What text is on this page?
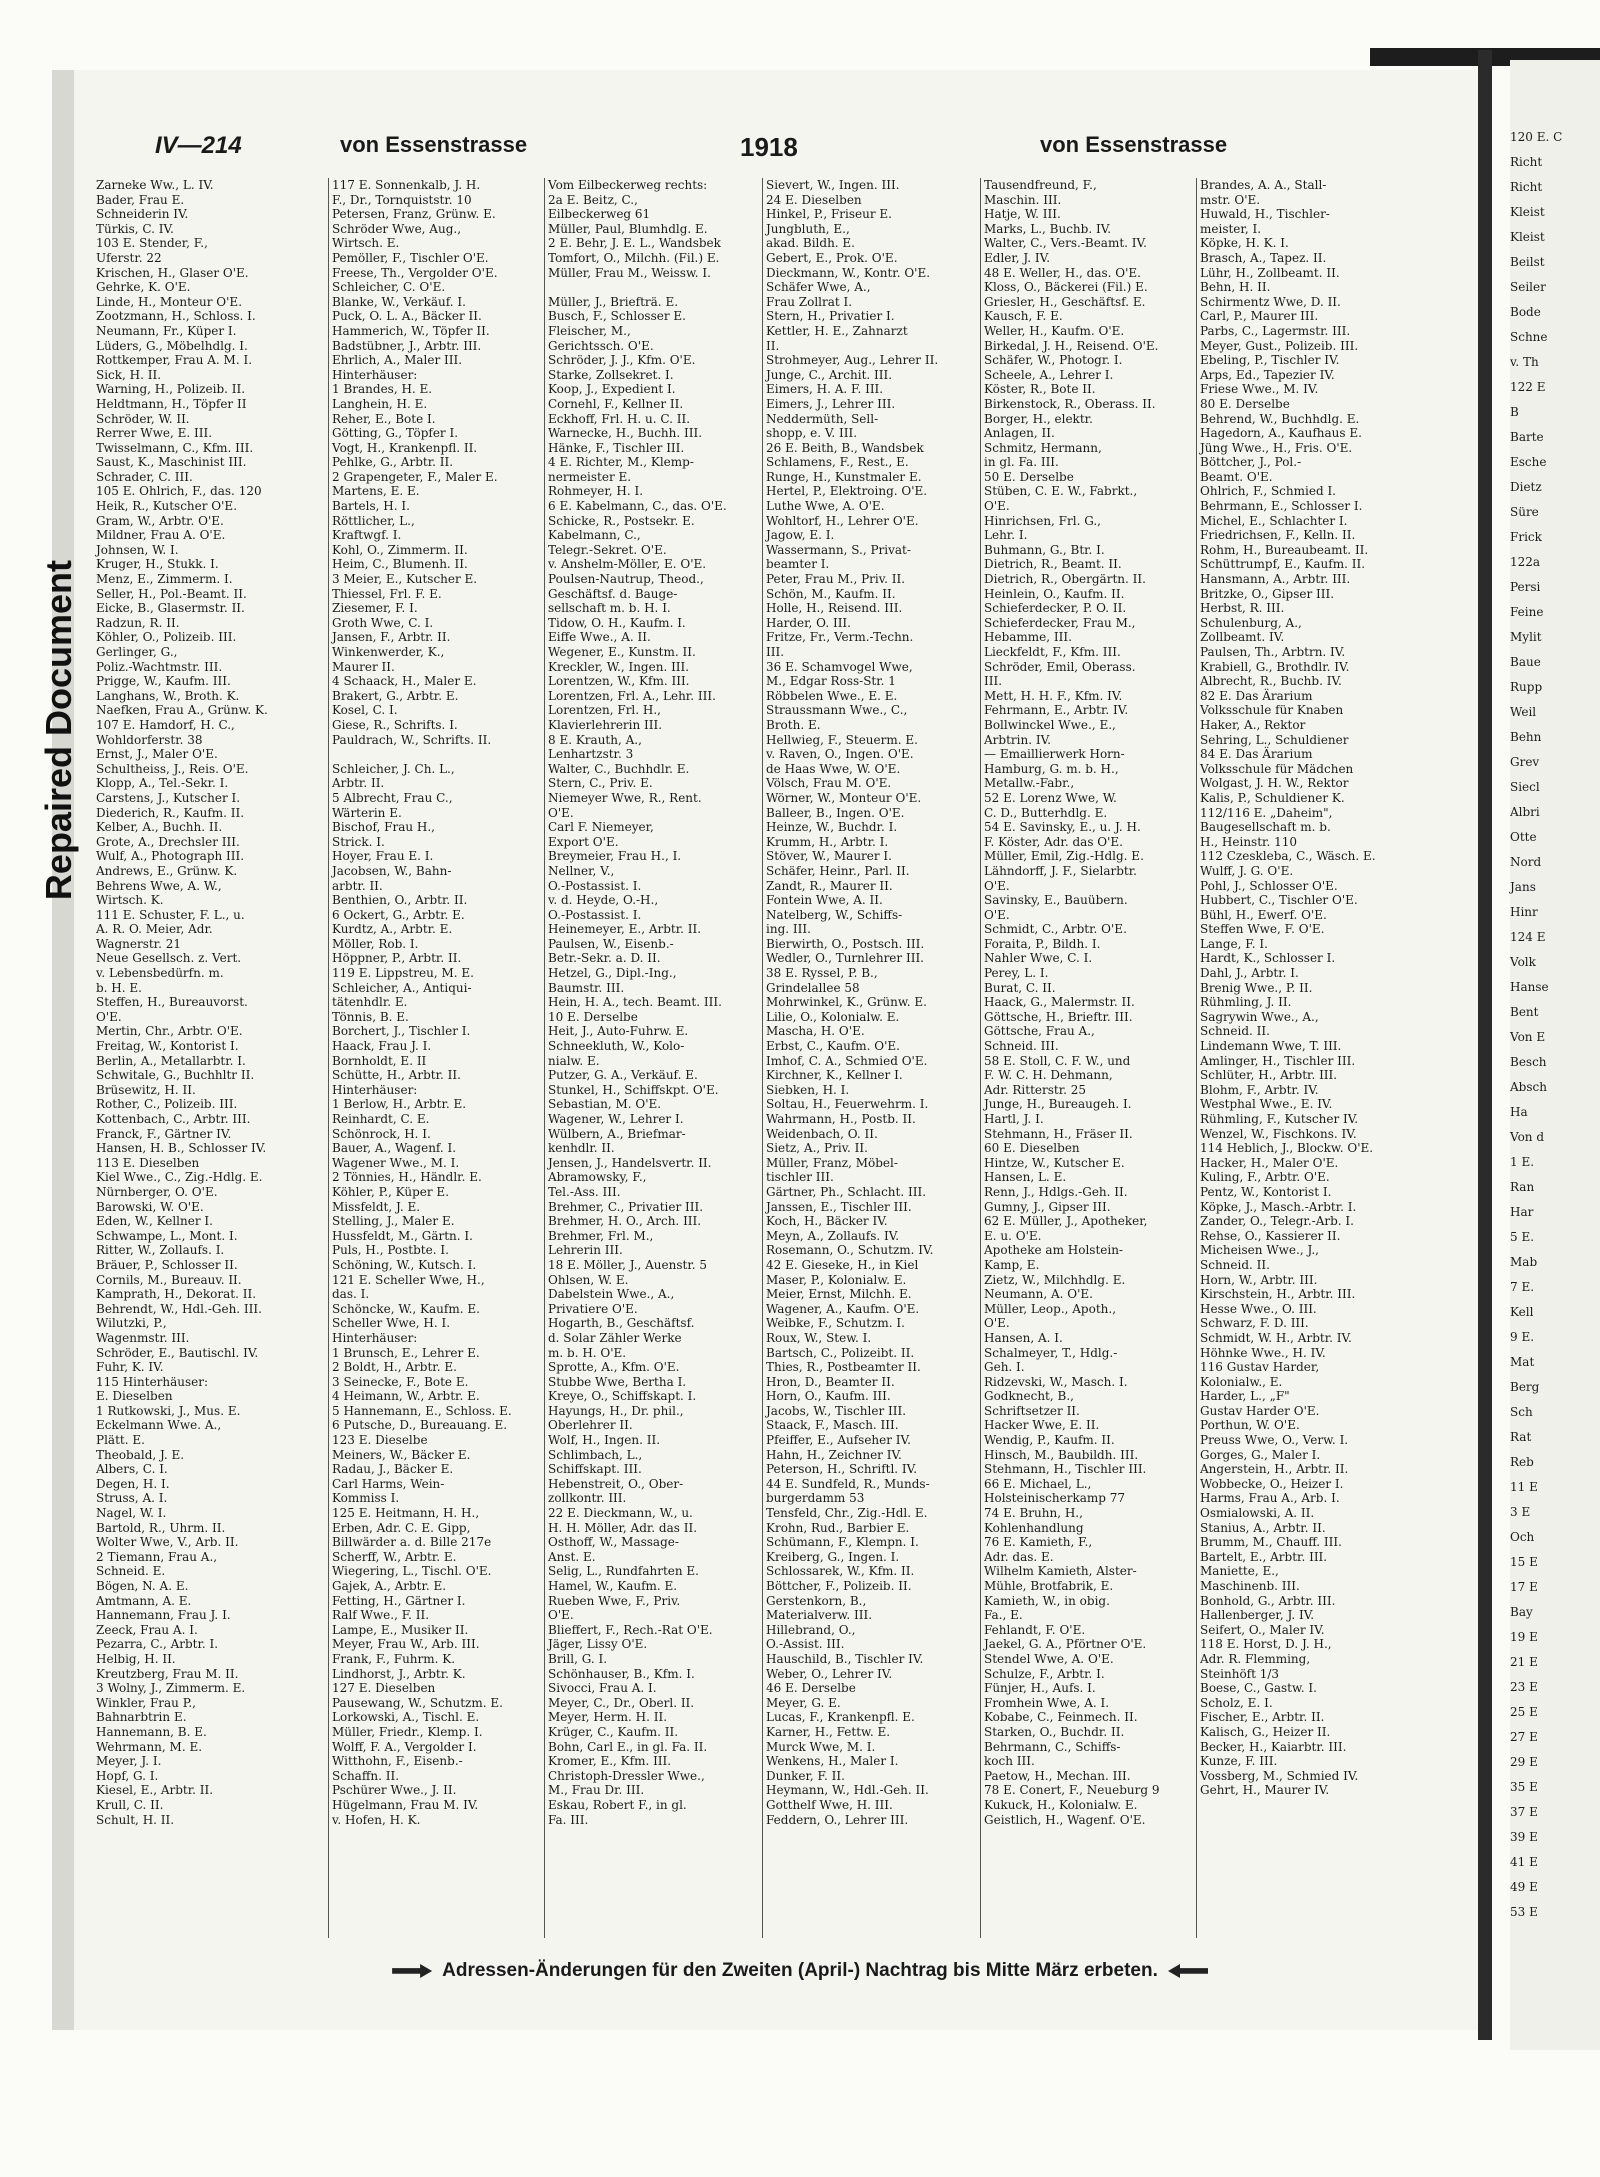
120 E. C
Richt
Richt
Kleist
Kleist
Beilst
Seiler
Bode
Schne
v. Th
122 E
B
Barte
Esche
Dietz
Süre
Frick
122a
Persi
Feine
Mylit
Baue
Rupp
Weil
Behn
Grev
Siecl
Albri
Otte
Nord
Jans
Hinr
124 E
Volk
Hanse
Bent
Von E
Besch
Absch
Ha
Von d
1 E.
Ran
Har
5 E.
Mab
7 E.
Kell
9 E.
Mat
Berg
Sch
Rat
Reb
11 E
3 E
Och
15 E
17 E
Bay
19 E
21 E
23 E
25 E
27 E
29 E
35 E
37 E
39 E
41 E
49 E
53 E
Repaired Document
IV—214	von Essenstrasse	1918	von Essenstrasse
Zarneke Ww., L. IV.
Bader, Frau E.
Schneiderin IV.
Türkis, C. IV.
103 E. Stender, F.,
Uferstr. 22
Krischen, H., Glaser O'E.
Gehrke, K. O'E.
Linde, H., Monteur O'E.
Zootzmann, H., Schloss. I.
Neumann, Fr., Küper I.
Lüders, G., Möbelhdlg. I.
Rottkemper, Frau A. M. I.
Sick, H. II.
Warning, H., Polizeib. II.
Heldtmann, H., Töpfer II
Schröder, W. II.
Rerrer Wwe, E. III.
Twisselmann, C., Kfm. III.
Saust, K., Maschinist III.
Schrader, C. III.
105 E. Ohlrich, F., das. 120
Heik, R., Kutscher O'E.
Gram, W., Arbtr. O'E.
Mildner, Frau A. O'E.
Johnsen, W. I.
Kruger, H., Stukk. I.
Menz, E., Zimmerm. I.
Seller, H., Pol.-Beamt. II.
Eicke, B., Glasermstr. II.
Radzun, R. II.
Köhler, O., Polizeib. III.
Gerlinger, G.,
Poliz.-Wachtmstr. III.
Prigge, W., Kaufm. III.
Langhans, W., Broth. K.
Naefken, Frau A., Grünw. K.
107 E. Hamdorf, H. C.,
Wohldorferstr. 38
Ernst, J., Maler O'E.
Schultheiss, J., Reis. O'E.
Klopp, A., Tel.-Sekr. I.
Carstens, J., Kutscher I.
Diederich, R., Kaufm. II.
Kelber, A., Buchh. II.
Grote, A., Drechsler III.
Wulf, A., Photograph III.
Andrews, E., Grünw. K.
Behrens Wwe, A. W.,
Wirtsch. K.
111 E. Schuster, F. L., u.
A. R. O. Meier, Adr.
Wagnerstr. 21
Neue Gesellsch. z. Vert.
v. Lebensbedürfn. m.
b. H. E.
Steffen, H., Bureauvorst.
O'E.
Mertin, Chr., Arbtr. O'E.
Freitag, W., Kontorist I.
Berlin, A., Metallarbtr. I.
Schwitale, G., Buchhltr II.
Brüsewitz, H. II.
Rother, C., Polizeib. III.
Kottenbach, C., Arbtr. III.
Franck, F., Gärtner IV.
Hansen, H. B., Schlosser IV.
113 E. Dieselben
Kiel Wwe., C., Zig.-Hdlg. E.
Nürnberger, O. O'E.
Barowski, W. O'E.
Eden, W., Kellner I.
Schwampe, L., Mont. I.
Ritter, W., Zollaufs. I.
Bräuer, P., Schlosser II.
Cornils, M., Bureauv. II.
Kamprath, H., Dekorat. II.
Behrendt, W., Hdl.-Geh. III.
Wilutzki, P.,
Wagenmstr. III.
Schröder, E., Bautischl. IV.
Fuhr, K. IV.
115 Hinterhäuser:
E. Dieselben
1 Rutkowski, J., Mus. E.
Eckelmann Wwe. A.,
Plätt. E.
Theobald, J. E.
Albers, C. I.
Degen, H. I.
Struss, A. I.
Nagel, W. I.
Bartold, R., Uhrm. II.
Wolter Wwe, V., Arb. II.
2 Tiemann, Frau A.,
Schneid. E.
Bögen, N. A. E.
Amtmann, A. E.
Hannemann, Frau J. I.
Zeeck, Frau A. I.
Pezarra, C., Arbtr. I.
Helbig, H. II.
Kreutzberg, Frau M. II.
3 Wolny, J., Zimmerm. E.
Winkler, Frau P.,
Bahnarbtrin E.
Hannemann, B. E.
Wehrmann, M. E.
Meyer, J. I.
Hopf, G. I.
Kiesel, E., Arbtr. II.
Krull, C. II.
Schult, H. II.
117 E. Sonnenkalb, J. H.
F., Dr., Tornquiststr. 10
Petersen, Franz, Grünw. E.
Schröder Wwe, Aug.,
Wirtsch. E.
Pemöller, F., Tischler O'E.
Freese, Th., Vergolder O'E.
Schleicher, C. O'E.
Blanke, W., Verkäuf. I.
Puck, O. L. A., Bäcker II.
Hammerich, W., Töpfer II.
Badstübner, J., Arbtr. III.
Ehrlich, A., Maler III.
Hinterhäuser:
1 Brandes, H. E.
Langhein, H. E.
Reher, E., Bote I.
Götting, G., Töpfer I.
Vogt, H., Krankenpfl. II.
Pehlke, G., Arbtr. II.
2 Grapengeter, F., Maler E.
Martens, E. E.
Bartels, H. I.
Röttlicher, L.,
Kraftwgf. I.
Kohl, O., Zimmerm. II.
Heim, C., Blumenh. II.
3 Meier, E., Kutscher E.
Thiessel, Frl. F. E.
Ziesemer, F. I.
Groth Wwe, C. I.
Jansen, F., Arbtr. II.
Winkenwerder, K.,
Maurer II.
4 Schaack, H., Maler E.
Brakert, G., Arbtr. E.
Kosel, C. I.
Giese, R., Schrifts. I.
Pauldrach, W., Schrifts. II.

Schleicher, J. Ch. L.,
Arbtr. II.
5 Albrecht, Frau C.,
Wärterin E.
Bischof, Frau H.,
Strick. I.
Hoyer, Frau E. I.
Jacobsen, W., Bahn-
arbtr. II.
Benthien, O., Arbtr. II.
6 Ockert, G., Arbtr. E.
Kurdtz, A., Arbtr. E.
Möller, Rob. I.
Höppner, P., Arbtr. II.
119 E. Lippstreu, M. E.
Schleicher, A., Antiqui-
tätenhdlr. E.
Tönnis, B. E.
Borchert, J., Tischler I.
Haack, Frau J. I.
Bornholdt, E. II
Schütte, H., Arbtr. II.
Hinterhäuser:
1 Berlow, H., Arbtr. E.
Reinhardt, C. E.
Schönrock, H. I.
Bauer, A., Wagenf. I.
Wagener Wwe., M. I.
2 Tönnies, H., Händlr. E.
Köhler, P., Küper E.
Missfeldt, J. E.
Stelling, J., Maler E.
Hussfeldt, M., Gärtn. I.
Puls, H., Postbte. I.
Schöning, W., Kutsch. I.
121 E. Scheller Wwe, H.,
das. I.
Schöncke, W., Kaufm. E.
Scheller Wwe, H. I.
Hinterhäuser:
1 Brunsch, E., Lehrer E.
2 Boldt, H., Arbtr. E.
3 Seinecke, F., Bote E.
4 Heimann, W., Arbtr. E.
5 Hannemann, E., Schloss. E.
6 Putsche, D., Bureauang. E.
123 E. Dieselbe
Meiners, W., Bäcker E.
Radau, J., Bäcker E.
Carl Harms, Wein-
Kommiss I.
125 E. Heitmann, H. H.,
Erben, Adr. C. E. Gipp,
Billwärder a. d. Bille 217e
Scherff, W., Arbtr. E.
Wiegering, L., Tischl. O'E.
Gajek, A., Arbtr. E.
Fetting, H., Gärtner I.
Ralf Wwe., F. II.
Lampe, E., Musiker II.
Meyer, Frau W., Arb. III.
Frank, F., Fuhrm. K.
Lindhorst, J., Arbtr. K.
127 E. Dieselben
Pausewang, W., Schutzm. E.
Lorkowski, A., Tischl. E.
Müller, Friedr., Klemp. I.
Wolff, F. A., Vergolder I.
Witthohn, F., Eisenb.-
Schaffn. II.
Pschürer Wwe., J. II.
Hügelmann, Frau M. IV.
v. Hofen, H. K.
Vom Eilbeckerweg rechts:
2a E. Beitz, C.,
Eilbeckerweg 61
Müller, Paul, Blumhdlg. E.
2 E. Behr, J. E. L., Wandsbek
Tomfort, O., Milchh. (Fil.) E.
Müller, Frau M., Weissw. I.

Müller, J., Briefträ. E.
Busch, F., Schlosser E.
Fleischer, M.,
Gerichtssch. O'E.
Schröder, J. J., Kfm. O'E.
Starke, Zollsekret. I.
Koop, J., Expedient I.
Cornehl, F., Kellner II.
Eckhoff, Frl. H. u. C. II.
Warnecke, H., Buchh. III.
Hänke, F., Tischler III.
4 E. Richter, M., Klemp-
nermeister E.
Rohmeyer, H. I.
6 E. Kabelmann, C., das. O'E.
Schicke, R., Postsekr. E.
Kabelmann, C.,
Telegr.-Sekret. O'E.
v. Anshelm-Möller, E. O'E.
Poulsen-Nautrup, Theod.,
Geschäftsf. d. Bauge-
sellschaft m. b. H. I.
Tidow, O. H., Kaufm. I.
Eiffe Wwe., A. II.
Wegener, E., Kunstm. II.
Kreckler, W., Ingen. III.
Lorentzen, W., Kfm. III.
Lorentzen, Frl. A., Lehr. III.
Lorentzen, Frl. H.,
Klavierlehrerin III.
8 E. Krauth, A.,
Lenhartzstr. 3
Walter, C., Buchhdlr. E.
Stern, C., Priv. E.
Niemeyer Wwe, R., Rent.
O'E.
Carl F. Niemeyer,
Export O'E.
Breymeier, Frau H., I.
Nellner, V.,
O.-Postassist. I.
v. d. Heyde, O.-H.,
O.-Postassist. I.
Heinemeyer, E., Arbtr. II.
Paulsen, W., Eisenb.-
Betr.-Sekr. a. D. II.
Hetzel, G., Dipl.-Ing.,
Baumstr. III.
Hein, H. A., tech. Beamt. III.
10 E. Derselbe
Heit, J., Auto-Fuhrw. E.
Schneekluth, W., Kolo-
nialw. E.
Putzer, G. A., Verkäuf. E.
Stunkel, H., Schiffskpt. O'E.
Sebastian, M. O'E.
Wagener, W., Lehrer I.
Wülbern, A., Briefmar-
kenhdlr. II.
Jensen, J., Handelsvertr. II.
Abramowsky, F.,
Tel.-Ass. III.
Brehmer, C., Privatier III.
Brehmer, H. O., Arch. III.
Brehmer, Frl. M.,
Lehrerin III.
18 E. Möller, J., Auenstr. 5
Ohlsen, W. E.
Dabelstein Wwe., A.,
Privatiere O'E.
Hogarth, B., Geschäftsf.
d. Solar Zähler Werke
m. b. H. O'E.
Sprotte, A., Kfm. O'E.
Stubbe Wwe, Bertha I.
Kreye, O., Schiffskapt. I.
Hayungs, H., Dr. phil.,
Oberlehrer II.
Wolf, H., Ingen. II.
Schlimbach, L.,
Schiffskapt. III.
Hebenstreit, O., Ober-
zollkontr. III.
22 E. Dieckmann, W., u.
H. H. Möller, Adr. das II.
Osthoff, W., Massage-
Anst. E.
Selig, L., Rundfahrten E.
Hamel, W., Kaufm. E.
Rueben Wwe, F., Priv.
O'E.
Blieffert, F., Rech.-Rat O'E.
Jäger, Lissy O'E.
Brill, G. I.
Schönhauser, B., Kfm. I.
Sivocci, Frau A. I.
Meyer, C., Dr., Oberl. II.
Meyer, Herm. H. II.
Krüger, C., Kaufm. II.
Bohn, Carl E., in gl. Fa. II.
Kromer, E., Kfm. III.
Christoph-Dressler Wwe.,
M., Frau Dr. III.
Eskau, Robert F., in gl.
Fa. III.
Sievert, W., Ingen. III.
24 E. Dieselben
Hinkel, P., Friseur E.
Jungbluth, E.,
akad. Bildh. E.
Gebert, E., Prok. O'E.
Dieckmann, W., Kontr. O'E.
Schäfer Wwe, A.,
Frau Zollrat I.
Stern, H., Privatier I.
Kettler, H. E., Zahnarzt
II.
Strohmeyer, Aug., Lehrer II.
Junge, C., Archit. III.
Eimers, H. A. F. III.
Eimers, J., Lehrer III.
Neddermüth, Sell-
shopp, e. V. III.
26 E. Beith, B., Wandsbek
Schlamens, F., Rest., E.
Runge, H., Kunstmaler E.
Hertel, P., Elektroing. O'E.
Luthe Wwe, A. O'E.
Wohltorf, H., Lehrer O'E.
Jagow, E. I.
Wassermann, S., Privat-
beamter I.
Peter, Frau M., Priv. II.
Schön, M., Kaufm. II.
Holle, H., Reisend. III.
Harder, O. III.
Fritze, Fr., Verm.-Techn.
III.
36 E. Schamvogel Wwe,
M., Edgar Ross-Str. 1
Röbbelen Wwe., E. E.
Straussmann Wwe., C.,
Broth. E.
Hellwieg, F., Steuerm. E.
v. Raven, O., Ingen. O'E.
de Haas Wwe, W. O'E.
Völsch, Frau M. O'E.
Wörner, W., Monteur O'E.
Balleer, B., Ingen. O'E.
Heinze, W., Buchdr. I.
Krumm, H., Arbtr. I.
Stöver, W., Maurer I.
Schäfer, Heinr., Parl. II.
Zandt, R., Maurer II.
Fontein Wwe, A. II.
Natelberg, W., Schiffs-
ing. III.
Bierwirth, O., Postsch. III.
Wedler, O., Turnlehrer III.
38 E. Ryssel, P. B.,
Grindelallee 58
Mohrwinkel, K., Grünw. E.
Lilie, O., Kolonialw. E.
Mascha, H. O'E.
Erbst, C., Kaufm. O'E.
Imhof, C. A., Schmied O'E.
Kirchner, K., Kellner I.
Siebken, H. I.
Soltau, H., Feuerwehrm. I.
Wahrmann, H., Postb. II.
Weidenbach, O. II.
Sietz, A., Priv. II.
Müller, Franz, Möbel-
tischler III.
Gärtner, Ph., Schlacht. III.
Janssen, E., Tischler III.
Koch, H., Bäcker IV.
Meyn, A., Zollaufs. IV.
Rosemann, O., Schutzm. IV.
42 E. Gieseke, H., in Kiel
Maser, P., Kolonialw. E.
Meier, Ernst, Milchh. E.
Wagener, A., Kaufm. O'E.
Weibke, F., Schutzm. I.
Roux, W., Stew. I.
Bartsch, C., Polizeibt. II.
Thies, R., Postbeamter II.
Hron, D., Beamter II.
Horn, O., Kaufm. III.
Jacobs, W., Tischler III.
Staack, F., Masch. III.
Pfeiffer, E., Aufseher IV.
Hahn, H., Zeichner IV.
Peterson, H., Schriftl. IV.
44 E. Sundfeld, R., Munds-
burgerdamm 53
Tensfeld, Chr., Zig.-Hdl. E.
Krohn, Rud., Barbier E.
Schümann, F., Klempn. I.
Kreiberg, G., Ingen. I.
Schlossarek, W., Kfm. II.
Böttcher, F., Polizeib. II.
Gerstenkorn, B.,
Materialverw. III.
Hillebrand, O.,
O.-Assist. III.
Hauschild, B., Tischler IV.
Weber, O., Lehrer IV.
46 E. Derselbe
Meyer, G. E.
Lucas, F., Krankenpfl. E.
Karner, H., Fettw. E.
Murck Wwe, M. I.
Wenkens, H., Maler I.
Dunker, F. II.
Heymann, W., Hdl.-Geh. II.
Gotthelf Wwe, H. III.
Feddern, O., Lehrer III.
Tausendfreund, F.,
Maschin. III.
Hatje, W. III.
Marks, L., Buchb. IV.
Walter, C., Vers.-Beamt. IV.
Edler, J. IV.
48 E. Weller, H., das. O'E.
Kloss, O., Bäckerei (Fil.) E.
Griesler, H., Geschäftsf. E.
Kausch, F. E.
Weller, H., Kaufm. O'E.
Birkedal, J. H., Reisend. O'E.
Schäfer, W., Photogr. I.
Scheele, A., Lehrer I.
Köster, R., Bote II.
Birkenstock, R., Oberass. II.
Borger, H., elektr.
Anlagen, II.
Schmitz, Hermann,
in gl. Fa. III.
50 E. Derselbe
Stüben, C. E. W., Fabrkt.,
O'E.
Hinrichsen, Frl. G.,
Lehr. I.
Buhmann, G., Btr. I.
Dietrich, R., Beamt. II.
Dietrich, R., Obergärtn. II.
Heinlein, O., Kaufm. II.
Schieferdecker, P. O. II.
Schieferdecker, Frau M.,
Hebamme, III.
Lieckfeldt, F., Kfm. III.
Schröder, Emil, Oberass.
III.
Mett, H. H. F., Kfm. IV.
Fehrmann, E., Arbtr. IV.
Bollwinckel Wwe., E.,
Arbtrin. IV.
— Emaillierwerk Horn-
Hamburg, G. m. b. H.,
Metallw.-Fabr.,
52 E. Lorenz Wwe, W.
C. D., Butterhdlg. E.
54 E. Savinsky, E., u. J. H.
F. Köster, Adr. das O'E.
Müller, Emil, Zig.-Hdlg. E.
Lähndorff, J. F., Sielarbtr.
O'E.
Savinsky, E., Bauübern.
O'E.
Schmidt, C., Arbtr. O'E.
Foraita, P., Bildh. I.
Nahler Wwe, C. I.
Perey, L. I.
Burat, C. II.
Haack, G., Malermstr. II.
Göttsche, H., Brieftr. III.
Göttsche, Frau A.,
Schneid. III.
58 E. Stoll, C. F. W., und
F. W. C. H. Dehmann,
Adr. Ritterstr. 25
Junge, H., Bureaugeh. I.
Hartl, J. I.
Stehmann, H., Fräser II.
60 E. Dieselben
Hintze, W., Kutscher E.
Hansen, L. E.
Renn, J., Hdlgs.-Geh. II.
Gumny, J., Gipser III.
62 E. Müller, J., Apotheker,
E. u. O'E.
Apotheke am Holstein-
Kamp, E.
Zietz, W., Milchhdlg. E.
Neumann, A. O'E.
Müller, Leop., Apoth.,
O'E.
Hansen, A. I.
Schalmeyer, T., Hdlg.-
Geh. I.
Ridzevski, W., Masch. I.
Godknecht, B.,
Schriftsetzer II.
Hacker Wwe, E. II.
Wendig, P., Kaufm. II.
Hinsch, M., Baubildh. III.
Stehmann, H., Tischler III.
66 E. Michael, L.,
Holsteinischerkamp 77
74 E. Bruhn, H.,
Kohlenhandlung
76 E. Kamieth, F.,
Adr. das. E.
Wilhelm Kamieth, Alster-
Mühle, Brotfabrik, E.
Kamieth, W., in obig.
Fa., E.
Fehlandt, F. O'E.
Jaekel, G. A., Pförtner O'E.
Stendel Wwe, A. O'E.
Schulze, F., Arbtr. I.
Fünjer, H., Aufs. I.
Fromhein Wwe, A. I.
Kobabe, C., Feinmech. II.
Starken, O., Buchdr. II.
Behrmann, C., Schiffs-
koch III.
Paetow, H., Mechan. III.
78 E. Conert, F., Neueburg 9
Kukuck, H., Kolonialw. E.
Geistlich, H., Wagenf. O'E.
Brandes, A. A., Stall-
mstr. O'E.
Huwald, H., Tischler-
meister, I.
Köpke, H. K. I.
Brasch, A., Tapez. II.
Lühr, H., Zollbeamt. II.
Behn, H. II.
Schirmentz Wwe, D. II.
Carl, P., Maurer III.
Parbs, C., Lagermstr. III.
Meyer, Gust., Polizeib. III.
Ebeling, P., Tischler IV.
Arps, Ed., Tapezier IV.
Friese Wwe., M. IV.
80 E. Derselbe
Behrend, W., Buchhdlg. E.
Hagedorn, A., Kaufhaus E.
Jüng Wwe., H., Fris. O'E.
Böttcher, J., Pol.-
Beamt. O'E.
Ohlrich, F., Schmied I.
Behrmann, E., Schlosser I.
Michel, E., Schlachter I.
Friedrichsen, F., Kelln. II.
Rohm, H., Bureaubeamt. II.
Schüttrumpf, E., Kaufm. II.
Hansmann, A., Arbtr. III.
Britzke, O., Gipser III.
Herbst, R. III.
Schulenburg, A.,
Zollbeamt. IV.
Paulsen, Th., Arbtrn. IV.
Krabiell, G., Brothdlr. IV.
Albrecht, R., Buchb. IV.
82 E. Das Ärarium
Volksschule für Knaben
Haker, A., Rektor
Sehring, L., Schuldiener
84 E. Das Ärarium
Volksschule für Mädchen
Wolgast, J. H. W., Rektor
Kalis, P., Schuldiener K.
112/116 E. „Daheim",
Baugesellschaft m. b.
H., Heinstr. 110
112 Czeskleba, C., Wäsch. E.
Wulff, J. G. O'E.
Pohl, J., Schlosser O'E.
Hubbert, C., Tischler O'E.
Bühl, H., Ewerf. O'E.
Steffen Wwe, F. O'E.
Lange, F. I.
Hardt, K., Schlosser I.
Dahl, J., Arbtr. I.
Brenig Wwe., P. II.
Rühmling, J. II.
Sagrywin Wwe., A.,
Schneid. II.
Lindemann Wwe, T. III.
Amlinger, H., Tischler III.
Schlüter, H., Arbtr. III.
Blohm, F., Arbtr. IV.
Westphal Wwe., E. IV.
Rühmling, F., Kutscher IV.
Wenzel, W., Fischkons. IV.
114 Heblich, J., Blockw. O'E.
Hacker, H., Maler O'E.
Kuling, F., Arbtr. O'E.
Pentz, W., Kontorist I.
Köpke, J., Masch.-Arbtr. I.
Zander, O., Telegr.-Arb. I.
Rehse, O., Kassierer II.
Micheisen Wwe., J.,
Schneid. II.
Horn, W., Arbtr. III.
Kirschstein, H., Arbtr. III.
Hesse Wwe., O. III.
Schwarz, F. D. III.
Schmidt, W. H., Arbtr. IV.
Höhnke Wwe., H. IV.
116 Gustav Harder,
Kolonialw., E.
Harder, L., „F"
Gustav Harder O'E.
Porthun, W. O'E.
Preuss Wwe, O., Verw. I.
Gorges, G., Maler I.
Angerstein, H., Arbtr. II.
Wobbecke, O., Heizer I.
Harms, Frau A., Arb. I.
Osmialowski, A. II.
Stanius, A., Arbtr. II.
Brumm, M., Chauff. III.
Bartelt, E., Arbtr. III.
Maniette, E.,
Maschinenb. III.
Bonhold, G., Arbtr. III.
Hallenberger, J. IV.
Seifert, O., Maler IV.
118 E. Horst, D. J. H.,
Adr. R. Flemming,
Steinhöft 1/3
Boese, C., Gastw. I.
Scholz, E. I.
Fischer, E., Arbtr. II.
Kalisch, G., Heizer II.
Becker, H., Kaiarbtr. III.
Kunze, F. III.
Vossberg, M., Schmied IV.
Gehrt, H., Maurer IV.
Adressen-Änderungen für den Zweiten (April-) Nachtrag bis Mitte März erbeten.
